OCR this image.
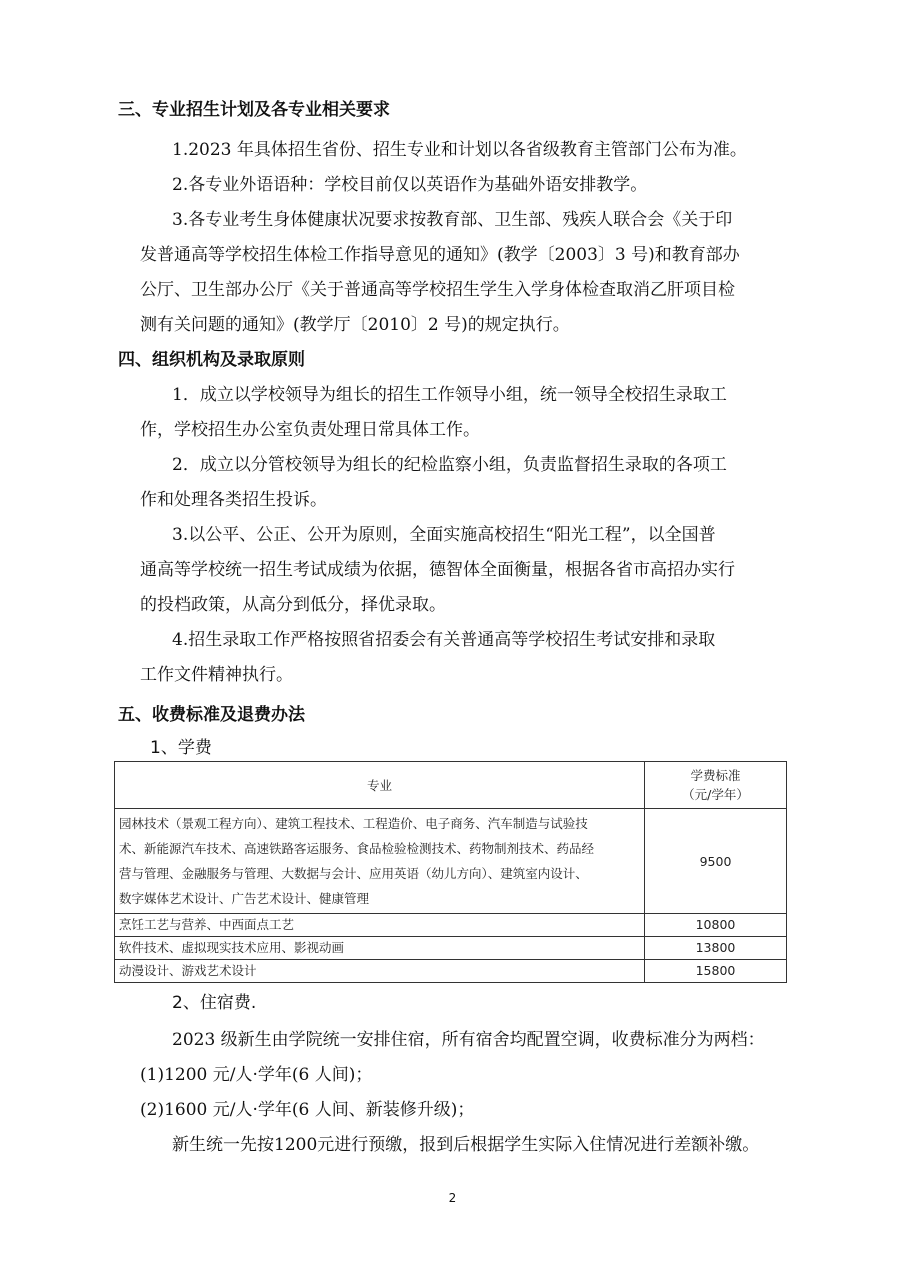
三、专业招生计划及各专业相关要求
1.2023 年具体招生省份、招生专业和计划以各省级教育主管部门公布为准。
2.各专业外语语种：学校目前仅以英语作为基础外语安排教学。
3.各专业考生身体健康状况要求按教育部、卫生部、残疾人联合会《关于印
发普通高等学校招生体检工作指导意见的通知》(教学〔2003〕3 号)和教育部办
公厅、卫生部办公厅《关于普通高等学校招生学生入学身体检查取消乙肝项目检
测有关问题的通知》(教学厅〔2010〕2 号)的规定执行。
四、组织机构及录取原则
1．成立以学校领导为组长的招生工作领导小组，统一领导全校招生录取工
作，学校招生办公室负责处理日常具体工作。
2．成立以分管校领导为组长的纪检监察小组，负责监督招生录取的各项工
作和处理各类招生投诉。
3.以公平、公正、公开为原则，全面实施高校招生“阳光工程”，以全国普
通高等学校统一招生考试成绩为依据，德智体全面衡量，根据各省市高招办实行
的投档政策，从高分到低分，择优录取。
4.招生录取工作严格按照省招委会有关普通高等学校招生考试安排和录取
工作文件精神执行。
五、收费标准及退费办法
1、学费
专业	学费标准
（元/学年）

园林技术（景观工程方向）、建筑工程技术、工程造价、电子商务、汽车制造与试验技
术、新能源汽车技术、高速铁路客运服务、食品检验检测技术、药物制剂技术、药品经
营与管理、金融服务与管理、大数据与会计、应用英语（幼儿方向）、建筑室内设计、
数字媒体艺术设计、广告艺术设计、健康管理	9500
烹饪工艺与营养、中西面点工艺	10800
软件技术、虚拟现实技术应用、影视动画	13800
动漫设计、游戏艺术设计	15800
2、住宿费.
2023 级新生由学院统一安排住宿，所有宿舍均配置空调，收费标准分为两档：
(1)1200 元/人·学年(6 人间)；
(2)1600 元/人·学年(6 人间、新装修升级)；
新生统一先按1200元进行预缴，报到后根据学生实际入住情况进行差额补缴。
2
